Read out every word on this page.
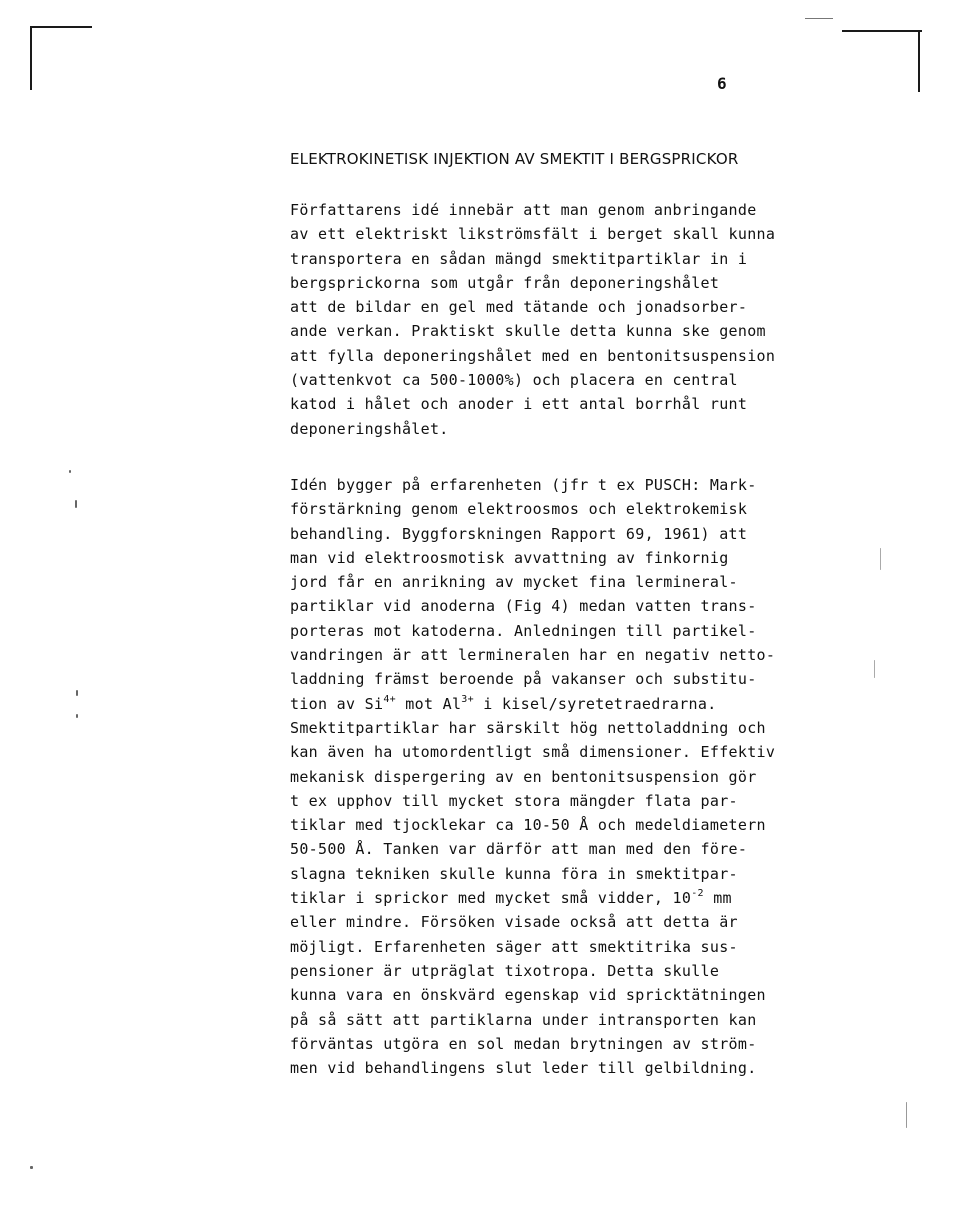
6
ELEKTROKINETISK INJEKTION AV SMEKTIT I BERGSPRICKOR
Författarens idé innebär att man genom anbringande
av ett elektriskt likströmsfält i berget skall kunna
transportera en sådan mängd smektitpartiklar in i
bergsprickorna som utgår från deponeringshålet
att de bildar en gel med tätande och jonadsorber-
ande verkan. Praktiskt skulle detta kunna ske genom
att fylla deponeringshålet med en bentonitsuspension
(vattenkvot ca 500-1000%) och placera en central
katod i hålet och anoder i ett antal borrhål runt
deponeringshålet.
Idén bygger på erfarenheten (jfr t ex PUSCH: Mark-
förstärkning genom elektroosmos och elektrokemisk
behandling. Byggforskningen Rapport 69, 1961) att
man vid elektroosmotisk avvattning av finkornig
jord får en anrikning av mycket fina lermineral-
partiklar vid anoderna (Fig 4) medan vatten trans-
porteras mot katoderna. Anledningen till partikel-
vandringen är att lermineralen har en negativ netto-
laddning främst beroende på vakanser och substitu-
tion av $Si^{4+}$ mot $Al^{3+}$ i kisel/syretetraedrarna.
Smektitpartiklar har särskilt hög nettoladdning och
kan även ha utomordentligt små dimensioner. Effektiv
mekanisk dispergering av en bentonitsuspension gör
t ex upphov till mycket stora mängder flata par-
tiklar med tjocklekar ca 10-50 Å och medeldiametern
50-500 Å. Tanken var därför att man med den före-
slagna tekniken skulle kunna föra in smektitpar-
tiklar i sprickor med mycket små vidder, $10^{-2}$ mm
eller mindre. Försöken visade också att detta är
möjligt. Erfarenheten säger att smektitrika sus-
pensioner är utpräglat tixotropa. Detta skulle
kunna vara en önskvärd egenskap vid spricktätningen
på så sätt att partiklarna under intransporten kan
förväntas utgöra en sol medan brytningen av ström-
men vid behandlingens slut leder till gelbildning.
